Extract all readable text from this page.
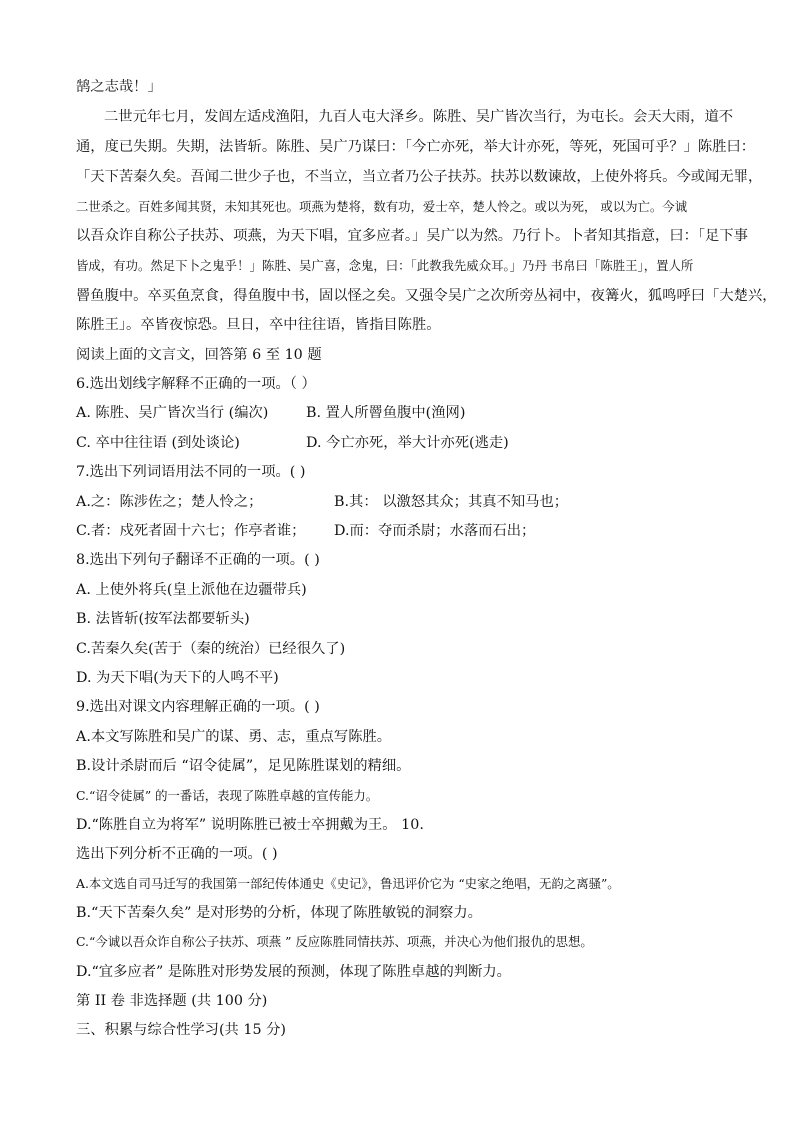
鹄之志哉！」
二世元年七月，发闾左适戍渔阳，九百人屯大泽乡。陈胜、吴广皆次当行，为屯长。会天大雨，道不
通，度已失期。失期，法皆斩。陈胜、吴广乃谋曰：「今亡亦死，举大计亦死，等死，死国可乎？」陈胜曰：
「天下苦秦久矣。吾闻二世少子也，不当立，当立者乃公子扶苏。扶苏以数谏故，上使外将兵。今或闻无罪，
二世杀之。百姓多闻其贤，未知其死也。项燕为楚将，数有功，爱士卒，楚人怜之。或以为死， 或以为亡。今诚
以吾众诈自称公子扶苏、项燕，为天下唱，宜多应者。」吴广以为然。乃行卜。卜者知其指意，曰：「足下事
皆成，有功。然足下卜之鬼乎！」陈胜、吴广喜，念鬼，曰：「此教我先威众耳。」乃丹 书帛曰「陈胜王」，置人所
罾鱼腹中。卒买鱼烹食，得鱼腹中书，固以怪之矣。又强令吴广之次所旁丛祠中，夜篝火，狐鸣呼曰「大楚兴，
陈胜王」。卒皆夜惊恐。旦日，卒中往往语，皆指目陈胜。
阅读上面的文言文，回答第 6 至 10 题
6.选出划线字解释不正确的一项。（ ）
A. 陈胜、吴广皆次当行 (编次)	B. 置人所罾鱼腹中(渔网)
C. 卒中往往语 (到处谈论)	D. 今亡亦死，举大计亦死(逃走)
7.选出下列词语用法不同的一项。( )
A.之：陈涉佐之；楚人怜之；	B.其： 以激怒其众；其真不知马也；
C.者：戍死者固十六七；作亭者谁；	D.而：夺而杀尉；水落而石出；
8.选出下列句子翻译不正确的一项。( )
A. 上使外将兵(皇上派他在边疆带兵)
B. 法皆斩(按军法都要斩头)
C.苦秦久矣(苦于（秦的统治）已经很久了)
D. 为天下唱(为天下的人鸣不平)
9.选出对课文内容理解正确的一项。( )
A.本文写陈胜和吴广的谋、勇、志，重点写陈胜。
B.设计杀尉而后 “诏令徒属”，足见陈胜谋划的精细。
C.“诏令徒属” 的一番话，表现了陈胜卓越的宣传能力。
D.“陈胜自立为将军” 说明陈胜已被士卒拥戴为王。 10.
选出下列分析不正确的一项。( )
A.本文选自司马迁写的我国第一部纪传体通史《史记》，鲁迅评价它为 “史家之绝唱，无韵之离骚”。
B.“天下苦秦久矣” 是对形势的分析，体现了陈胜敏锐的洞察力。
C.“今诚以吾众诈自称公子扶苏、项燕 ” 反应陈胜同情扶苏、项燕，并决心为他们报仇的思想。
D.“宜多应者” 是陈胜对形势发展的预测，体现了陈胜卓越的判断力。
第 II 卷 非选择题 (共 100 分)
三、积累与综合性学习(共 15 分)
